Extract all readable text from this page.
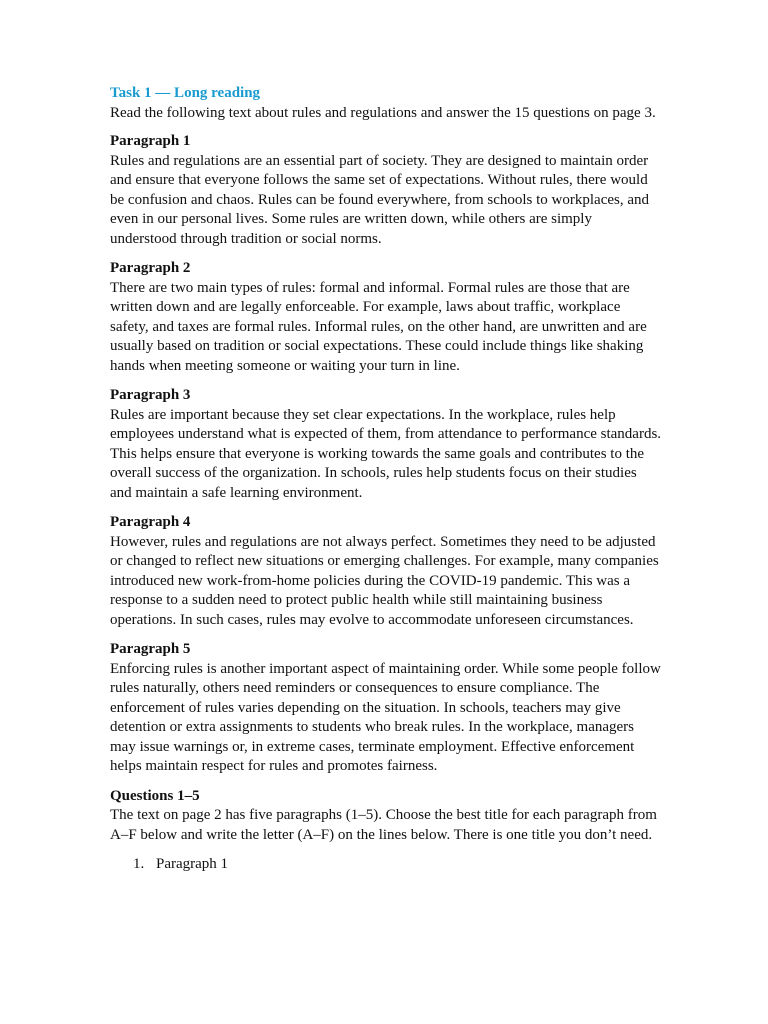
Task 1 — Long reading

Read the following text about rules and regulations and answer the 15 questions on page 3.

Paragraph 1

Rules and regulations are an essential part of society. They are designed to maintain order and ensure that everyone follows the same set of expectations. Without rules, there would be confusion and chaos. Rules can be found everywhere, from schools to workplaces, and even in our personal lives. Some rules are written down, while others are simply understood through tradition or social norms.

Paragraph 2

There are two main types of rules: formal and informal. Formal rules are those that are written down and are legally enforceable. For example, laws about traffic, workplace safety, and taxes are formal rules. Informal rules, on the other hand, are unwritten and are usually based on tradition or social expectations. These could include things like shaking hands when meeting someone or waiting your turn in line.

Paragraph 3

Rules are important because they set clear expectations. In the workplace, rules help employees understand what is expected of them, from attendance to performance standards. This helps ensure that everyone is working towards the same goals and contributes to the overall success of the organization. In schools, rules help students focus on their studies and maintain a safe learning environment.

Paragraph 4

However, rules and regulations are not always perfect. Sometimes they need to be adjusted or changed to reflect new situations or emerging challenges. For example, many companies introduced new work-from-home policies during the COVID-19 pandemic. This was a response to a sudden need to protect public health while still maintaining business operations. In such cases, rules may evolve to accommodate unforeseen circumstances.

Paragraph 5

Enforcing rules is another important aspect of maintaining order. While some people follow rules naturally, others need reminders or consequences to ensure compliance. The enforcement of rules varies depending on the situation. In schools, teachers may give detention or extra assignments to students who break rules. In the workplace, managers may issue warnings or, in extreme cases, terminate employment. Effective enforcement helps maintain respect for rules and promotes fairness.

Questions 1–5

The text on page 2 has five paragraphs (1–5). Choose the best title for each paragraph from A–F below and write the letter (A–F) on the lines below. There is one title you don’t need.

1. Paragraph 1
